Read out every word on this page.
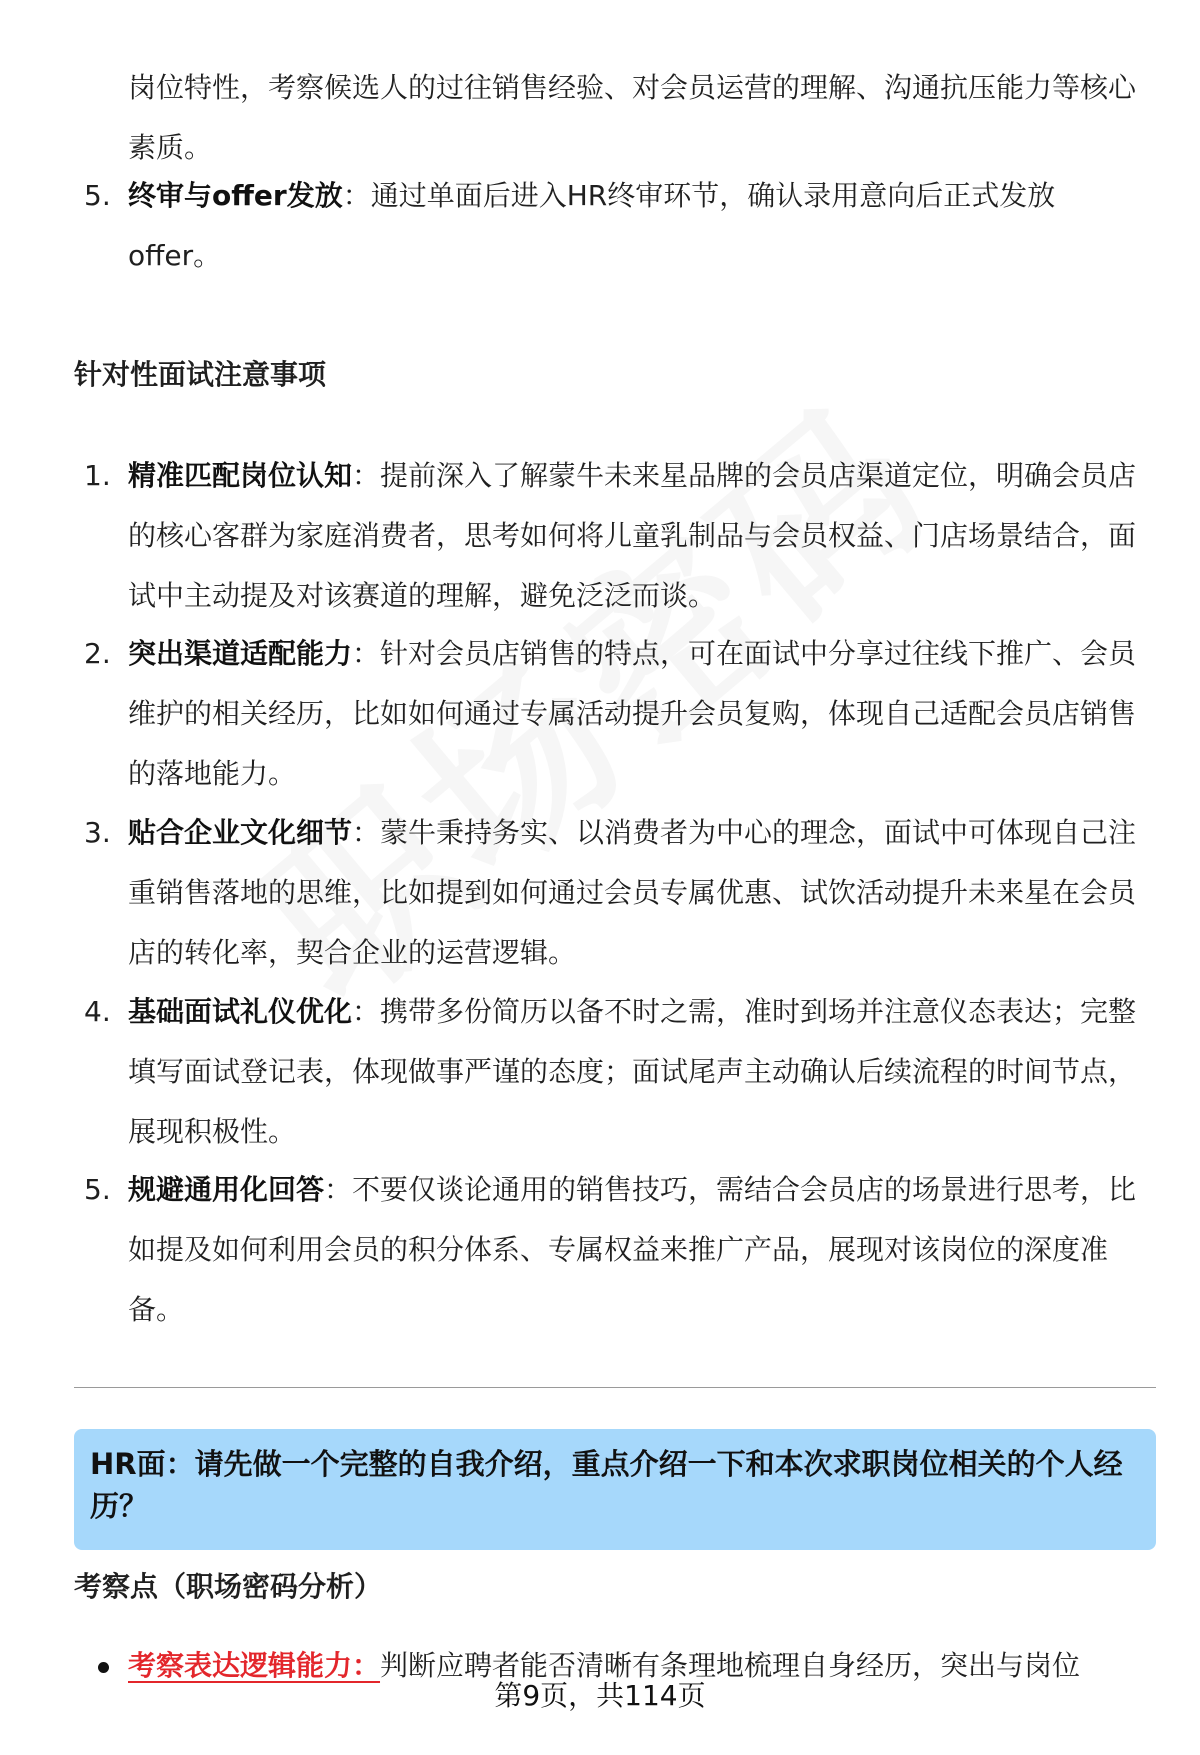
岗位特性，考察候选人的过往销售经验、对会员运营的理解、沟通抗压能力等核心素质。
5. 终审与offer发放：通过单面后进入HR终审环节，确认录用意向后正式发放offer。
针对性面试注意事项
1. 精准匹配岗位认知：提前深入了解蒙牛未来星品牌的会员店渠道定位，明确会员店的核心客群为家庭消费者，思考如何将儿童乳制品与会员权益、门店场景结合，面试中主动提及对该赛道的理解，避免泛泛而谈。
2. 突出渠道适配能力：针对会员店销售的特点，可在面试中分享过往线下推广、会员维护的相关经历，比如如何通过专属活动提升会员复购，体现自己适配会员店销售的落地能力。
3. 贴合企业文化细节：蒙牛秉持务实、以消费者为中心的理念，面试中可体现自己注重销售落地的思维，比如提到如何通过会员专属优惠、试饮活动提升未来星在会员店的转化率，契合企业的运营逻辑。
4. 基础面试礼仪优化：携带多份简历以备不时之需，准时到场并注意仪态表达；完整填写面试登记表，体现做事严谨的态度；面试尾声主动确认后续流程的时间节点，展现积极性。
5. 规避通用化回答：不要仅谈论通用的销售技巧，需结合会员店的场景进行思考，比如提及如何利用会员的积分体系、专属权益来推广产品，展现对该岗位的深度准备。
HR面：请先做一个完整的自我介绍，重点介绍一下和本次求职岗位相关的个人经历？
考察点（职场密码分析）
考察表达逻辑能力：判断应聘者能否清晰有条理地梳理自身经历，突出与岗位
第9页，共114页
